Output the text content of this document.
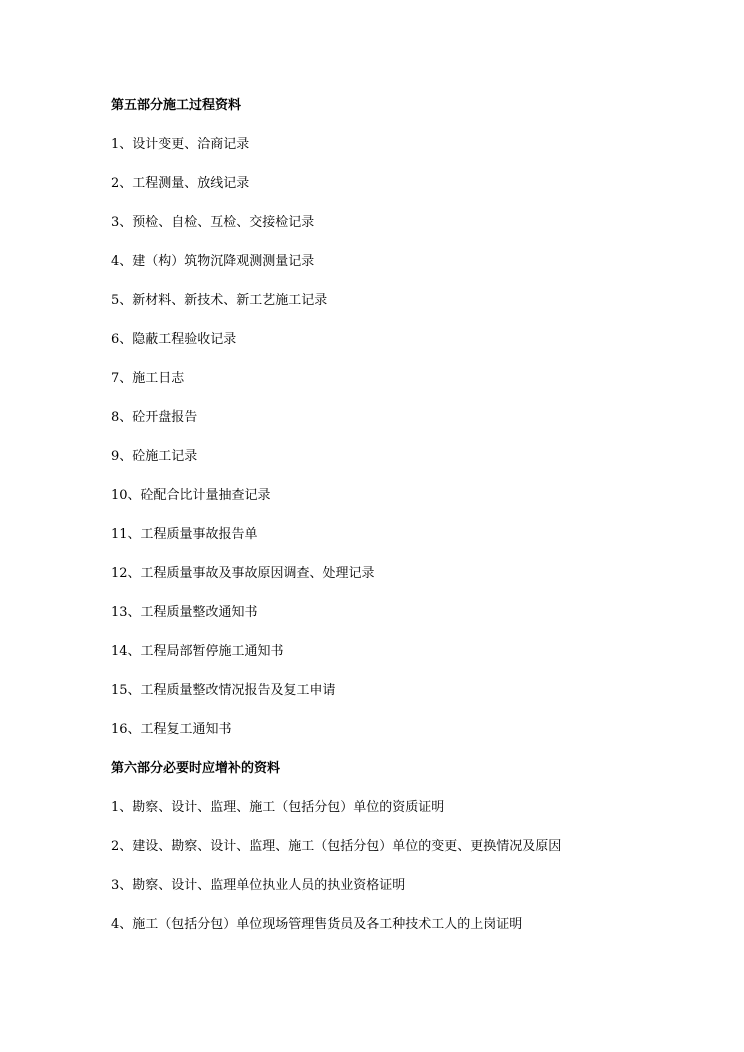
第五部分施工过程资料
1、设计变更、洽商记录
2、工程测量、放线记录
3、预检、自检、互检、交接检记录
4、建（构）筑物沉降观测测量记录
5、新材料、新技术、新工艺施工记录
6、隐蔽工程验收记录
7、施工日志
8、砼开盘报告
9、砼施工记录
10、砼配合比计量抽查记录
11、工程质量事故报告单
12、工程质量事故及事故原因调查、处理记录
13、工程质量整改通知书
14、工程局部暂停施工通知书
15、工程质量整改情况报告及复工申请
16、工程复工通知书
第六部分必要时应增补的资料
1、勘察、设计、监理、施工（包括分包）单位的资质证明
2、建设、勘察、设计、监理、施工（包括分包）单位的变更、更换情况及原因
3、勘察、设计、监理单位执业人员的执业资格证明
4、施工（包括分包）单位现场管理售货员及各工种技术工人的上岗证明
